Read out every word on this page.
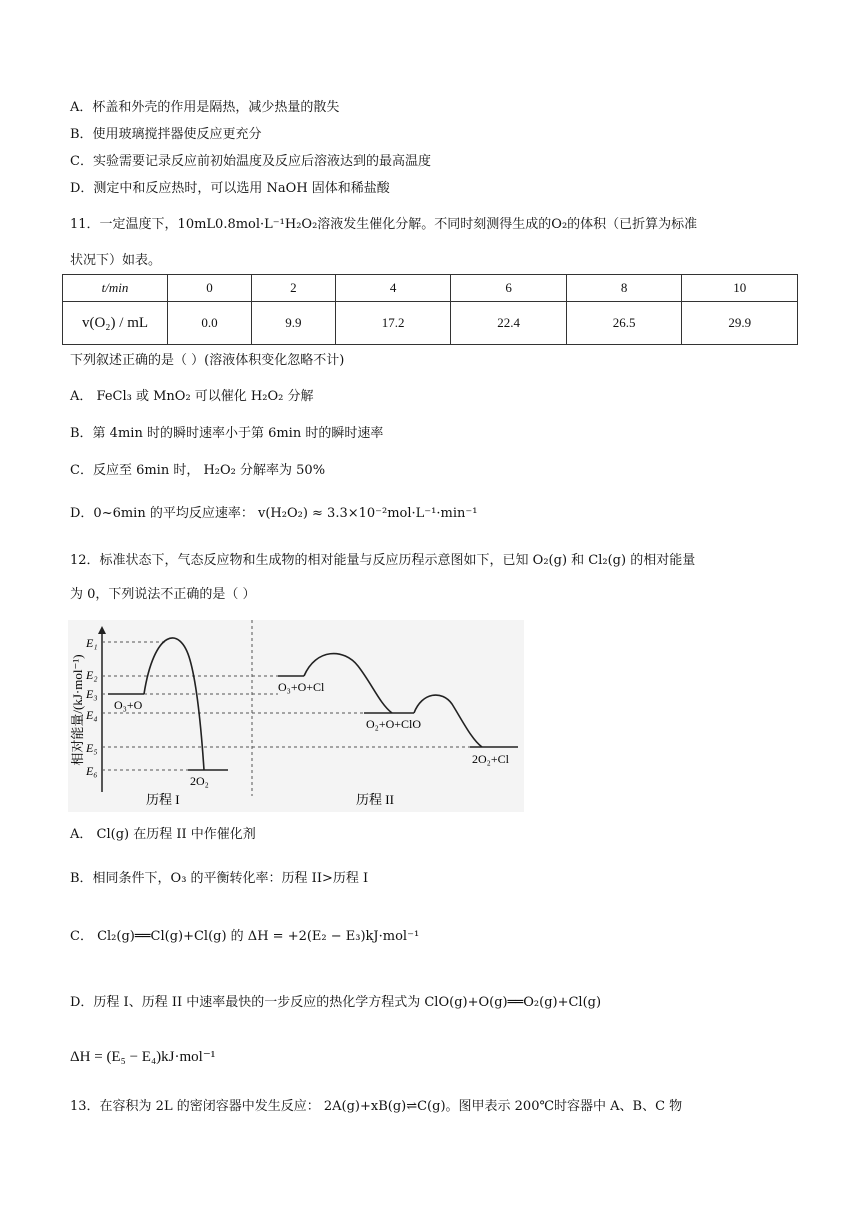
A．杯盖和外壳的作用是隔热，减少热量的散失
B．使用玻璃搅拌器使反应更充分
C．实验需要记录反应前初始温度及反应后溶液达到的最高温度
D．测定中和反应热时，可以选用 NaOH 固体和稀盐酸
11．一定温度下，10mL0.8mol·L⁻¹H₂O₂溶液发生催化分解。不同时刻测得生成的O₂的体积（已折算为标准
状况下）如表。
t/min	0	2	4	6	8	10
v(O₂) / mL	0.0	9.9	17.2	22.4	26.5	29.9
下列叙述正确的是（ ）(溶液体积变化忽略不计)
A． FeCl₃ 或 MnO₂ 可以催化 H₂O₂ 分解
B．第 4min 时的瞬时速率小于第 6min 时的瞬时速率
C．反应至 6min 时， H₂O₂ 分解率为 50%
D．0~6min 的平均反应速率： v(H₂O₂) ≈ 3.3×10⁻²mol·L⁻¹·min⁻¹
12．标准状态下，气态反应物和生成物的相对能量与反应历程示意图如下，已知 O₂(g) 和 Cl₂(g) 的相对能量
为 0，下列说法不正确的是（ ）
相对能量/(kJ·mol⁻¹)
E₁
E₂
E₃
E₄
E₅
E₆
O₃+O
2O₂
历程 I
O₃+O+Cl
O₂+O+ClO
2O₂+Cl
历程 II
A． Cl(g) 在历程 II 中作催化剂
B．相同条件下，O₃ 的平衡转化率：历程 II>历程 I
C． Cl₂(g)══Cl(g)+Cl(g) 的 ΔH = +2(E₂ − E₃)kJ·mol⁻¹
D．历程 I、历程 II 中速率最快的一步反应的热化学方程式为 ClO(g)+O(g)══O₂(g)+Cl(g)
ΔH = (E₅ − E₄)kJ·mol⁻¹
13．在容积为 2L 的密闭容器中发生反应： 2A(g)+xB(g)⇌C(g)。图甲表示 200℃时容器中 A、B、C 物
